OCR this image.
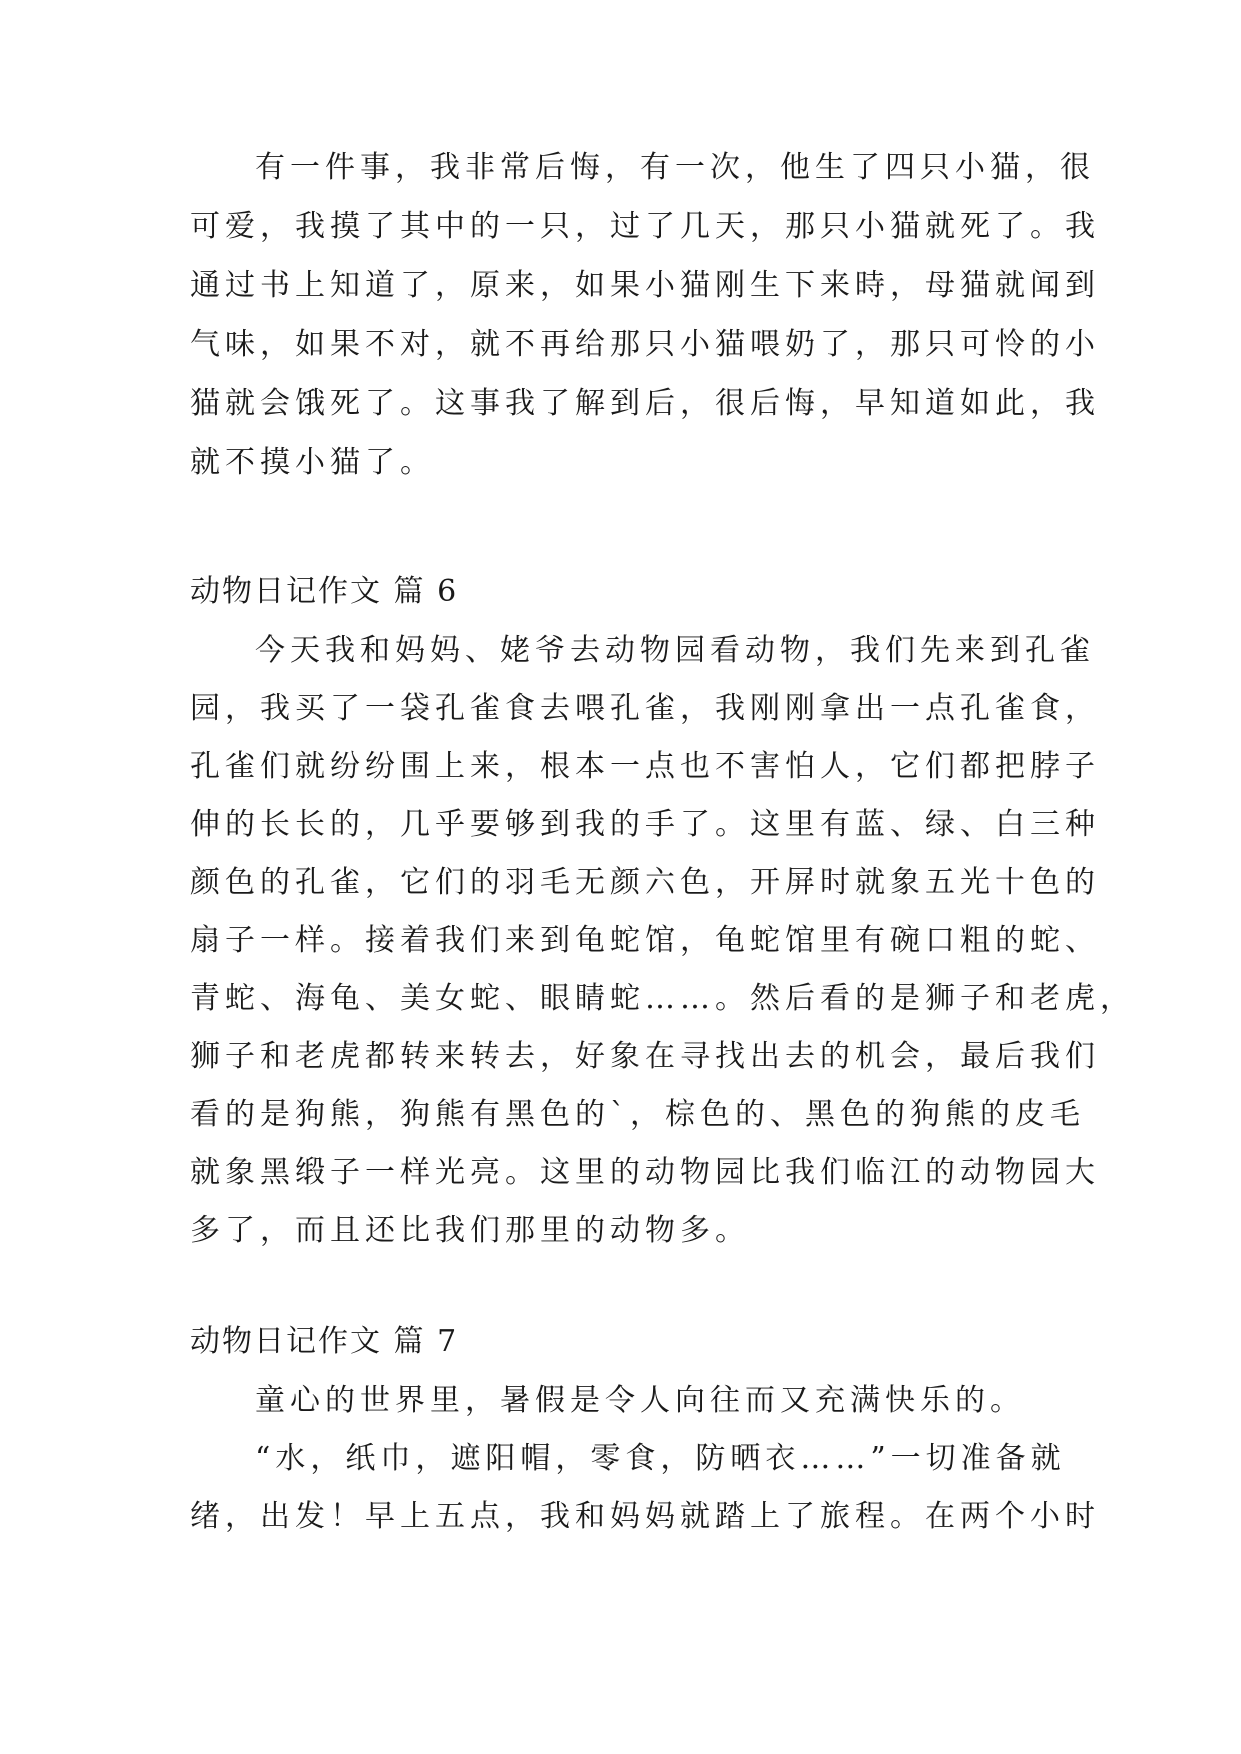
有一件事，我非常后悔，有一次，他生了四只小猫，很
可爱，我摸了其中的一只，过了几天，那只小猫就死了。我
通过书上知道了，原来，如果小猫刚生下来時，母猫就闻到
气味，如果不对，就不再给那只小猫喂奶了，那只可怜的小
猫就会饿死了。这事我了解到后，很后悔，早知道如此，我
就不摸小猫了。
动物日记作文 篇 6
今天我和妈妈、姥爷去动物园看动物，我们先来到孔雀
园，我买了一袋孔雀食去喂孔雀，我刚刚拿出一点孔雀食，
孔雀们就纷纷围上来，根本一点也不害怕人，它们都把脖子
伸的长长的，几乎要够到我的手了。这里有蓝、绿、白三种
颜色的孔雀，它们的羽毛无颜六色，开屏时就象五光十色的
扇子一样。接着我们来到龟蛇馆，龟蛇馆里有碗口粗的蛇、
青蛇、海龟、美女蛇、眼睛蛇……。然后看的是狮子和老虎，
狮子和老虎都转来转去，好象在寻找出去的机会，最后我们
看的是狗熊，狗熊有黑色的`，棕色的、黑色的狗熊的皮毛
就象黑缎子一样光亮。这里的动物园比我们临江的动物园大
多了，而且还比我们那里的动物多。
动物日记作文 篇 7
童心的世界里，暑假是令人向往而又充满快乐的。
“水，纸巾，遮阳帽，零食，防晒衣……”一切准备就
绪，出发！早上五点，我和妈妈就踏上了旅程。在两个小时
